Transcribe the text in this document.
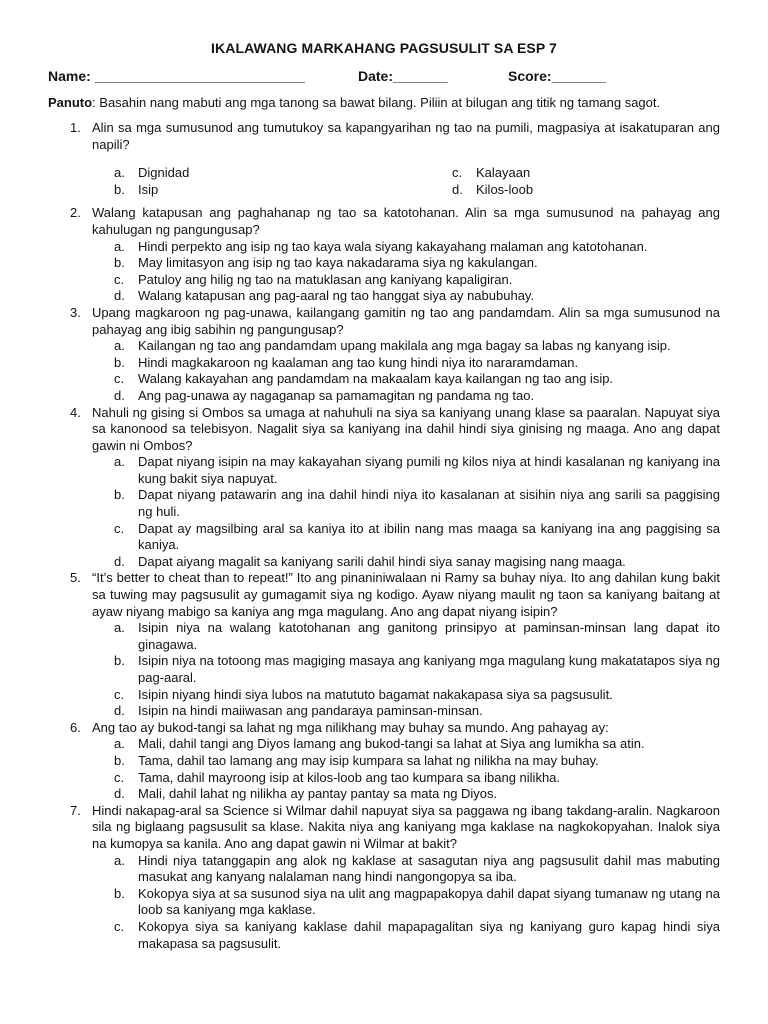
IKALAWANG MARKAHANG PAGSUSULIT SA ESP 7
Name: ___________________________	Date:_______	Score:_______
Panuto: Basahin nang mabuti ang mga tanong sa bawat bilang. Piliin at bilugan ang titik ng tamang sagot.
1. Alin sa mga sumusunod ang tumutukoy sa kapangyarihan ng tao na pumili, magpasiya at isakatuparan ang napili?
a.	Dignidad	c.	Kalayaan
b.	Isip	d.	Kilos-loob
2. Walang katapusan ang paghahanap ng tao sa katotohanan. Alin sa mga sumusunod na pahayag ang kahulugan ng pangungusap?
a.	Hindi perpekto ang isip ng tao kaya wala siyang kakayahang malaman ang katotohanan.
b.	May limitasyon ang isip ng tao kaya nakadarama siya ng kakulangan.
c.	Patuloy ang hilig ng tao na matuklasan ang kaniyang kapaligiran.
d.	Walang katapusan ang pag-aaral ng tao hanggat siya ay nabubuhay.
3. Upang magkaroon ng pag-unawa, kailangang gamitin ng tao ang pandamdam. Alin sa mga sumusunod na pahayag ang ibig sabihin ng pangungusap?
a.	Kailangan ng tao ang pandamdam upang makilala ang mga bagay sa labas ng kanyang isip.
b.	Hindi magkakaroon ng kaalaman ang tao kung hindi niya ito nararamdaman.
c.	Walang kakayahan ang pandamdam na makaalam kaya kailangan ng tao ang isip.
d.	Ang pag-unawa ay nagaganap sa pamamagitan ng pandama ng tao.
4. Nahuli ng gising si Ombos sa umaga at nahuhuli na siya sa kaniyang unang klase sa paaralan. Napuyat siya sa kanonood sa telebisyon. Nagalit siya sa kaniyang ina dahil hindi siya ginising ng maaga. Ano ang dapat gawin ni Ombos?
a.	Dapat niyang isipin na may kakayahan siyang pumili ng kilos niya at hindi kasalanan ng kaniyang ina kung bakit siya napuyat.
b.	Dapat niyang patawarin ang ina dahil hindi niya ito kasalanan at sisihin niya ang sarili sa paggising ng huli.
c.	Dapat ay magsilbing aral sa kaniya ito at ibilin nang mas maaga sa kaniyang ina ang paggising sa kaniya.
d.	Dapat aiyang magalit sa kaniyang sarili dahil hindi siya sanay magising nang maaga.
5. “It’s better to cheat than to repeat!” Ito ang pinaniniwalaan ni Ramy sa buhay niya. Ito ang dahilan kung bakit sa tuwing may pagsusulit ay gumagamit siya ng kodigo. Ayaw niyang maulit ng taon sa kaniyang baitang at ayaw niyang mabigo sa kaniya ang mga magulang. Ano ang dapat niyang isipin?
a.	Isipin niya na walang katotohanan ang ganitong prinsipyo at paminsan-minsan lang dapat ito ginagawa.
b.	Isipin niya na totoong mas magiging masaya ang kaniyang mga magulang kung makatatapos siya ng pag-aaral.
c.	Isipin niyang hindi siya lubos na matututo bagamat nakakapasa siya sa pagsusulit.
d.	Isipin na hindi maiiwasan ang pandaraya paminsan-minsan.
6. Ang tao ay bukod-tangi sa lahat ng mga nilikhang may buhay sa mundo. Ang pahayag ay:
a.	Mali, dahil tangi ang Diyos lamang ang bukod-tangi sa lahat at Siya ang lumikha sa atin.
b.	Tama, dahil tao lamang ang may isip kumpara sa lahat ng nilikha na may buhay.
c.	Tama, dahil mayroong isip at kilos-loob ang tao kumpara sa ibang nilikha.
d.	Mali, dahil lahat ng nilikha ay pantay pantay sa mata ng Diyos.
7. Hindi nakapag-aral sa Science si Wilmar dahil napuyat siya sa paggawa ng ibang takdang-aralin. Nagkaroon sila ng biglaang pagsusulit sa klase. Nakita niya ang kaniyang mga kaklase na nagkokopyahan. Inalok siya na kumopya sa kanila. Ano ang dapat gawin ni Wilmar at bakit?
a.	Hindi niya tatanggapin ang alok ng kaklase at sasagutan niya ang pagsusulit dahil mas mabuting masukat ang kanyang nalalaman nang hindi nangongopya sa iba.
b.	Kokopya siya at sa susunod siya na ulit ang magpapakopya dahil dapat siyang tumanaw ng utang na loob sa kaniyang mga kaklase.
c.	Kokopya siya sa kaniyang kaklase dahil mapapagalitan siya ng kaniyang guro kapag hindi siya makapasa sa pagsusulit.
